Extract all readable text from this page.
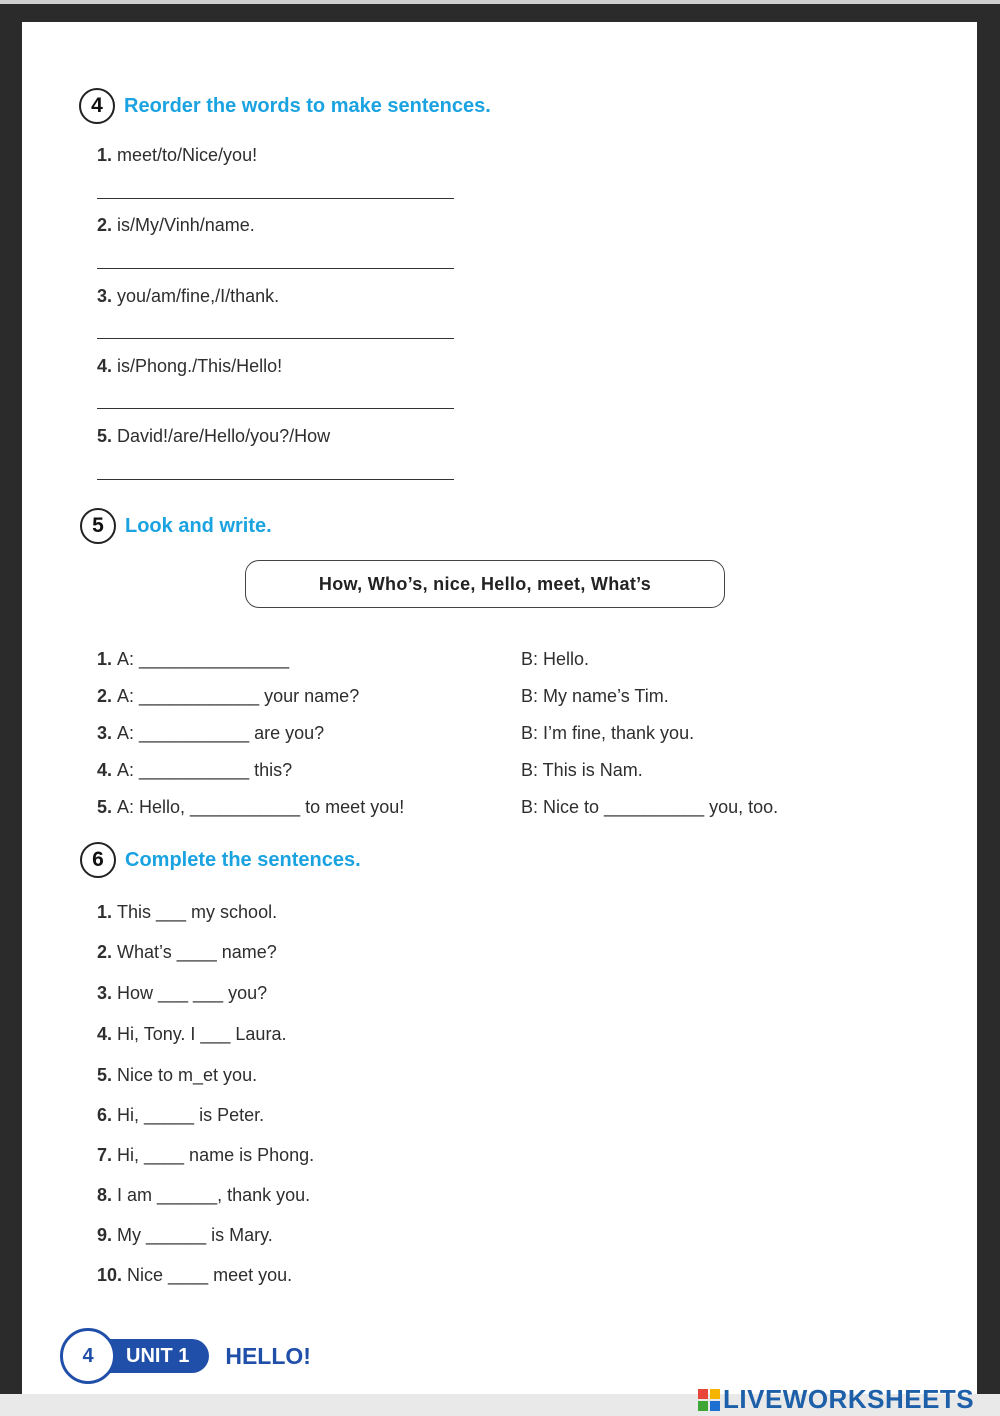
4	Reorder the words to make sentences.
1. meet/to/Nice/you!
2. is/My/Vinh/name.
3. you/am/fine,/I/thank.
4. is/Phong./This/Hello!
5. David!/are/Hello/you?/How
5	Look and write.
How, Who’s, nice, Hello, meet, What’s
1. A: _______________	B: Hello.
2. A: ____________ your name?	B: My name’s Tim.
3. A: ___________ are you?	B: I’m fine, thank you.
4. A: ___________ this?	B: This is Nam.
5. A: Hello, ___________ to meet you!	B: Nice to __________ you, too.
6	Complete the sentences.
1. This ___ my school.
2. What’s ____ name?
3. How ___ ___ you?
4. Hi, Tony. I ___ Laura.
5. Nice to m_et you.
6. Hi, _____ is Peter.
7. Hi, ____ name is Phong.
8. I am ______, thank you.
9. My ______ is Mary.
10. Nice ____ meet you.
4	UNIT 1	HELLO!
LIVEWORKSHEETS
